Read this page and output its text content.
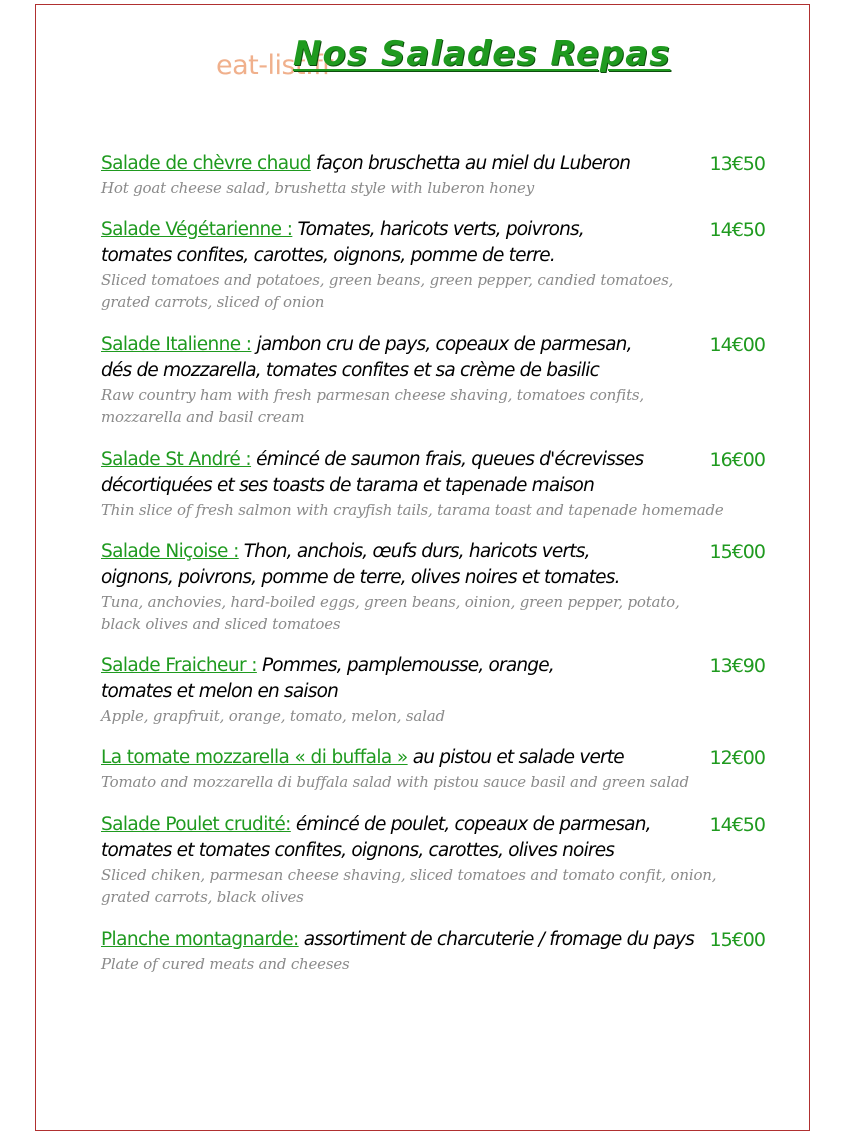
eat-list.fr
Nos Salades Repas
Salade de chèvre chaud façon bruschetta au miel du Luberon
Hot goat cheese salad, brushetta style with luberon honey
13€50
Salade Végétarienne : Tomates, haricots verts, poivrons,
tomates confites, carottes, oignons, pomme de terre.
Sliced tomatoes and potatoes, green beans, green pepper, candied tomatoes,
grated carrots, sliced of onion
14€50
Salade Italienne : jambon cru de pays, copeaux de parmesan,
dés de mozzarella, tomates confites et sa crème de basilic
Raw country ham with fresh parmesan cheese shaving, tomatoes confits,
mozzarella and basil cream
14€00
Salade St André : émincé de saumon frais, queues d'écrevisses
décortiquées et ses toasts de tarama et tapenade maison
Thin slice of fresh salmon with crayfish tails, tarama toast and tapenade homemade
16€00
Salade Niçoise : Thon, anchois, œufs durs, haricots verts,
oignons, poivrons, pomme de terre, olives noires et tomates.
Tuna, anchovies, hard-boiled eggs, green beans, oinion, green pepper, potato,
black olives and sliced tomatoes
15€00
Salade Fraicheur : Pommes, pamplemousse, orange,
tomates et melon en saison
Apple, grapfruit, orange, tomato, melon, salad
13€90
La tomate mozzarella « di buffala » au pistou et salade verte
Tomato and mozzarella di buffala salad with pistou sauce basil and green salad
12€00
Salade Poulet crudité: émincé de poulet, copeaux de parmesan,
tomates et tomates confites, oignons, carottes, olives noires
Sliced chiken, parmesan cheese shaving, sliced tomatoes and tomato confit, onion,
grated carrots, black olives
14€50
Planche montagnarde: assortiment de charcuterie / fromage du pays
Plate of cured meats and cheeses
15€00
